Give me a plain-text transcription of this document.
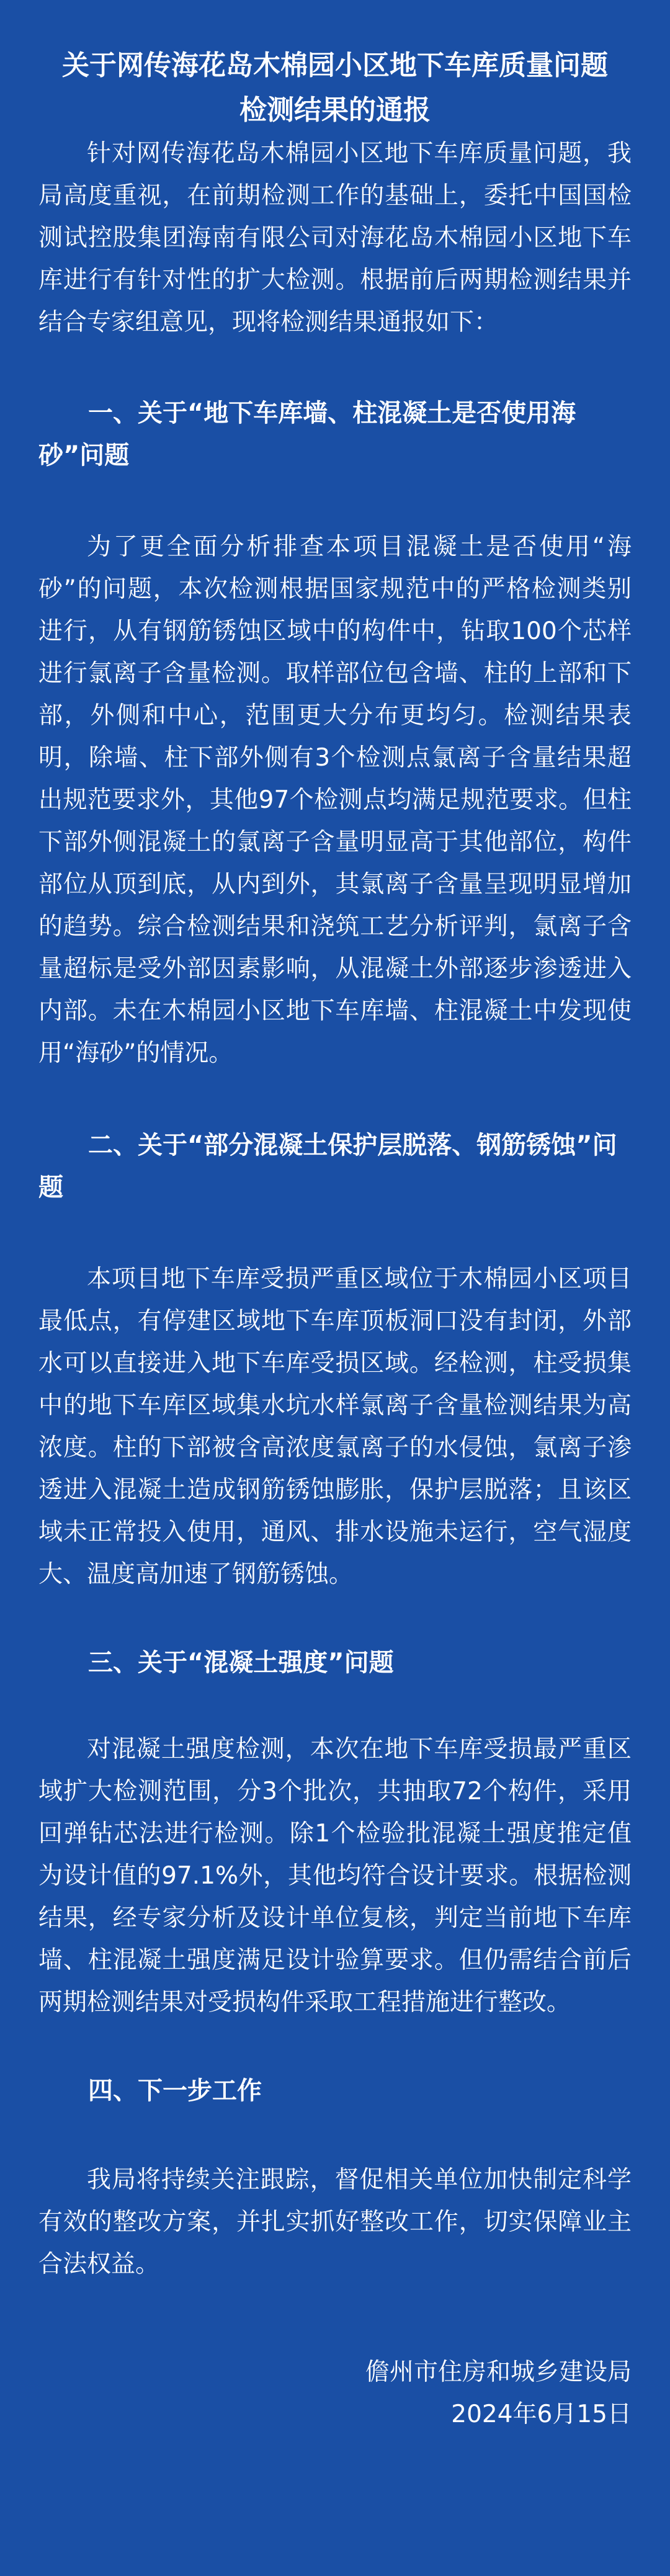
关于网传海花岛木棉园小区地下车库质量问题
检测结果的通报

针对网传海花岛木棉园小区地下车库质量问题，我局高度重视，在前期检测工作的基础上，委托中国国检测试控股集团海南有限公司对海花岛木棉园小区地下车库进行有针对性的扩大检测。根据前后两期检测结果并结合专家组意见，现将检测结果通报如下：

一、关于“地下车库墙、柱混凝土是否使用海砂”问题

为了更全面分析排查本项目混凝土是否使用“海砂”的问题，本次检测根据国家规范中的严格检测类别进行，从有钢筋锈蚀区域中的构件中，钻取100个芯样进行氯离子含量检测。取样部位包含墙、柱的上部和下部，外侧和中心，范围更大分布更均匀。检测结果表明，除墙、柱下部外侧有3个检测点氯离子含量结果超出规范要求外，其他97个检测点均满足规范要求。但柱下部外侧混凝土的氯离子含量明显高于其他部位，构件部位从顶到底，从内到外，其氯离子含量呈现明显增加的趋势。综合检测结果和浇筑工艺分析评判，氯离子含量超标是受外部因素影响，从混凝土外部逐步渗透进入内部。未在木棉园小区地下车库墙、柱混凝土中发现使用“海砂”的情况。

二、关于“部分混凝土保护层脱落、钢筋锈蚀”问题

本项目地下车库受损严重区域位于木棉园小区项目最低点，有停建区域地下车库顶板洞口没有封闭，外部水可以直接进入地下车库受损区域。经检测，柱受损集中的地下车库区域集水坑水样氯离子含量检测结果为高浓度。柱的下部被含高浓度氯离子的水侵蚀，氯离子渗透进入混凝土造成钢筋锈蚀膨胀，保护层脱落；且该区域未正常投入使用，通风、排水设施未运行，空气湿度大、温度高加速了钢筋锈蚀。

三、关于“混凝土强度”问题

对混凝土强度检测，本次在地下车库受损最严重区域扩大检测范围，分3个批次，共抽取72个构件，采用回弹钻芯法进行检测。除1个检验批混凝土强度推定值为设计值的97.1%外，其他均符合设计要求。根据检测结果，经专家分析及设计单位复核，判定当前地下车库墙、柱混凝土强度满足设计验算要求。但仍需结合前后两期检测结果对受损构件采取工程措施进行整改。

四、下一步工作

我局将持续关注跟踪，督促相关单位加快制定科学有效的整改方案，并扎实抓好整改工作，切实保障业主合法权益。

儋州市住房和城乡建设局
2024年6月15日
